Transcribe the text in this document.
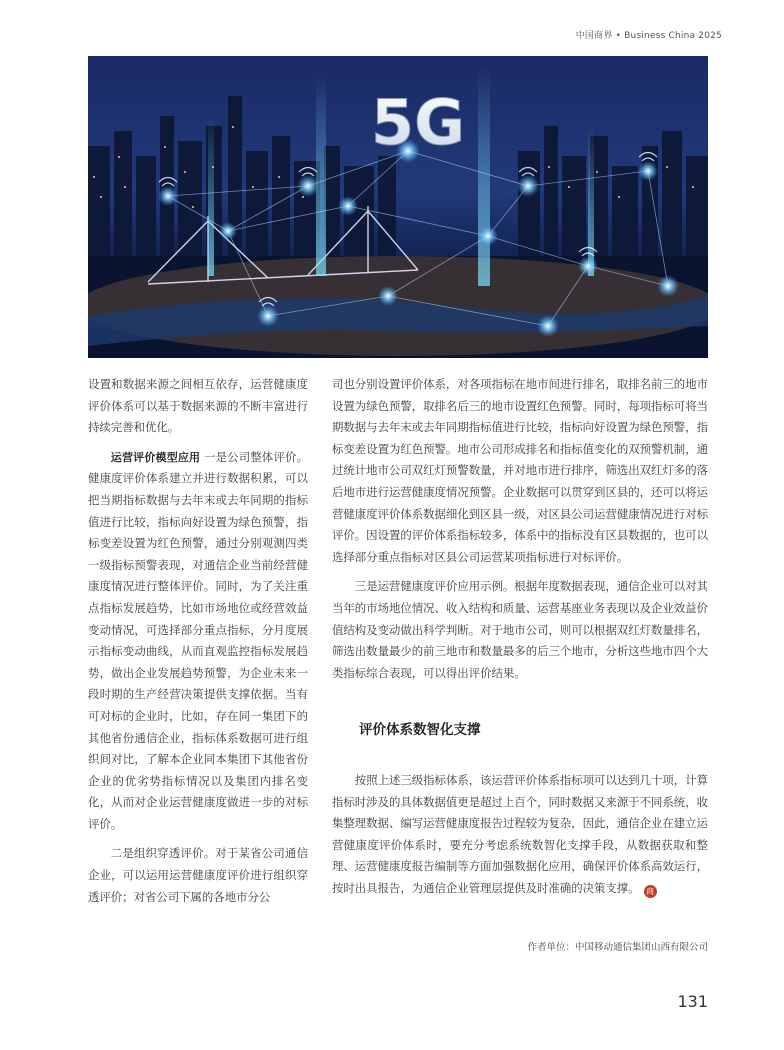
中国商界 • Business China 2025
5G

设置和数据来源之间相互依存，运营健康度评价体系可以基于数据来源的不断丰富进行持续完善和优化。

运营评价模型应用 一是公司整体评价。健康度评价体系建立并进行数据积累，可以把当期指标数据与去年末或去年同期的指标值进行比较，指标向好设置为绿色预警，指标变差设置为红色预警，通过分别观测四类一级指标预警表现，对通信企业当前经营健康度情况进行整体评价。同时，为了关注重点指标发展趋势，比如市场地位或经营效益变动情况，可选择部分重点指标，分月度展示指标变动曲线，从而直观监控指标发展趋势，做出企业发展趋势预警，为企业未来一段时期的生产经营决策提供支撑依据。当有可对标的企业时，比如，存在同一集团下的其他省份通信企业，指标体系数据可进行组织间对比，了解本企业同本集团下其他省份企业的优劣势指标情况以及集团内排名变化，从而对企业运营健康度做进一步的对标评价。

二是组织穿透评价。对于某省公司通信企业，可以运用运营健康度评价进行组织穿透评价；对省公司下属的各地市分公

司也分别设置评价体系，对各项指标在地市间进行排名，取排名前三的地市设置为绿色预警，取排名后三的地市设置红色预警。同时，每项指标可将当期数据与去年末或去年同期指标值进行比较，指标向好设置为绿色预警，指标变差设置为红色预警。地市公司形成排名和指标值变化的双预警机制，通过统计地市公司双红灯预警数量，并对地市进行排序，筛选出双红灯多的落后地市进行运营健康度情况预警。企业数据可以贯穿到区县的，还可以将运营健康度评价体系数据细化到区县一级，对区县公司运营健康情况进行对标评价。因设置的评价体系指标较多，体系中的指标没有区县数据的，也可以选择部分重点指标对区县公司运营某项指标进行对标评价。

三是运营健康度评价应用示例。根据年度数据表现，通信企业可以对其当年的市场地位情况、收入结构和质量、运营基座业务表现以及企业效益价值结构及变动做出科学判断。对于地市公司，则可以根据双红灯数量排名，筛选出数量最少的前三地市和数量最多的后三个地市，分析这些地市四个大类指标综合表现，可以得出评价结果。

评价体系数智化支撑

按照上述三级指标体系，该运营评价体系指标项可以达到几十项，计算指标时涉及的具体数据值更是超过上百个，同时数据又来源于不同系统，收集整理数据、编写运营健康度报告过程较为复杂，因此，通信企业在建立运营健康度评价体系时，要充分考虑系统数智化支撑手段，从数据获取和整理、运营健康度报告编制等方面加强数据化应用，确保评价体系高效运行，按时出具报告，为通信企业管理层提供及时准确的决策支撑。 商

作者单位：中国移动通信集团山西有限公司
131
